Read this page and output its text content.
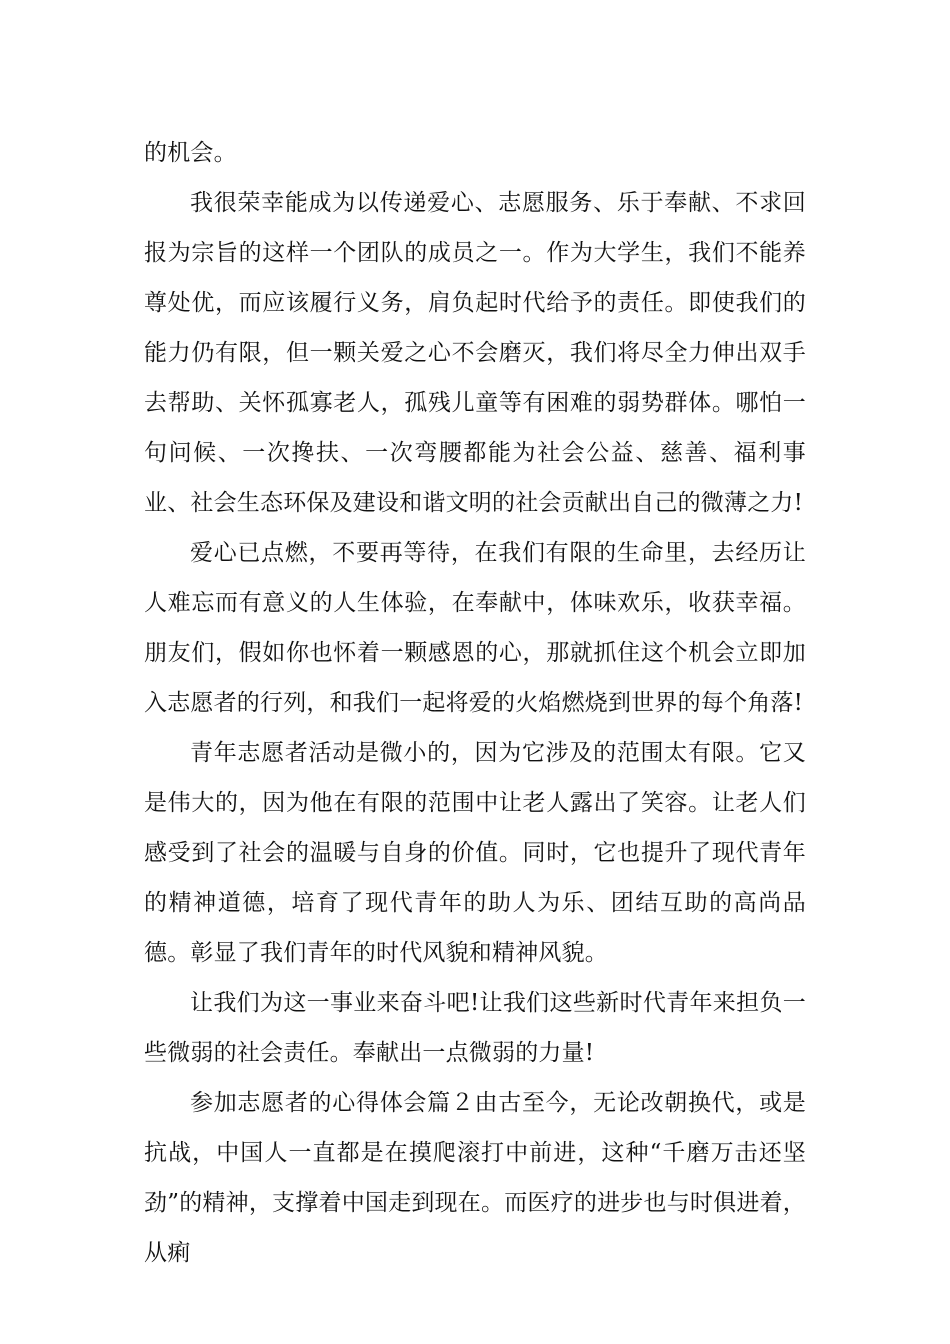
的机会。

我很荣幸能成为以传递爱心、志愿服务、乐于奉献、不求回报为宗旨的这样一个团队的成员之一。作为大学生，我们不能养尊处优，而应该履行义务，肩负起时代给予的责任。即使我们的能力仍有限，但一颗关爱之心不会磨灭，我们将尽全力伸出双手去帮助、关怀孤寡老人，孤残儿童等有困难的弱势群体。哪怕一句问候、一次搀扶、一次弯腰都能为社会公益、慈善、福利事业、社会生态环保及建设和谐文明的社会贡献出自己的微薄之力!

爱心已点燃，不要再等待，在我们有限的生命里，去经历让人难忘而有意义的人生体验，在奉献中，体味欢乐，收获幸福。朋友们，假如你也怀着一颗感恩的心，那就抓住这个机会立即加入志愿者的行列，和我们一起将爱的火焰燃烧到世界的每个角落!

青年志愿者活动是微小的，因为它涉及的范围太有限。它又是伟大的，因为他在有限的范围中让老人露出了笑容。让老人们感受到了社会的温暖与自身的价值。同时，它也提升了现代青年的精神道德，培育了现代青年的助人为乐、团结互助的高尚品德。彰显了我们青年的时代风貌和精神风貌。

让我们为这一事业来奋斗吧!让我们这些新时代青年来担负一些微弱的社会责任。奉献出一点微弱的力量!

参加志愿者的心得体会篇２由古至今，无论改朝换代，或是抗战，中国人一直都是在摸爬滚打中前进，这种“千磨万击还坚劲”的精神，支撑着中国走到现在。而医疗的进步也与时俱进着，从痢
